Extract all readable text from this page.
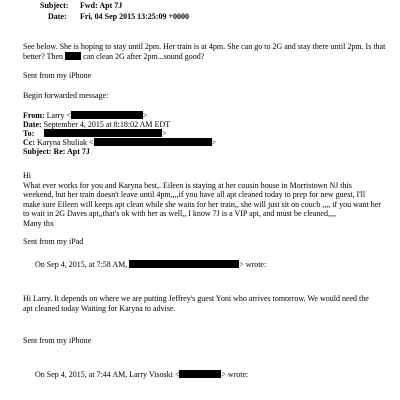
Subject: Fwd: Apt 7J
Date: Fri, 04 Sep 2015 13:25:09 +0000
See below. She is hoping to stay until 2pm. Her train is at 4pm. She can go to 2G and stay there until 2pm. Is that
better? Then	can clean 2G after 2pm...sound good?
Sent from my iPhone
Begin forwarded message:
From: Larry <	>
Date: September 4, 2015 at 8:18:02 AM EDT
To:	>
Cc: Karyna Shuliak <	>
Subject: Re: Apt 7J
Hi
What ever works for you and Karyna best,. Eileen is staying at her cousin house in Morristown NJ this
weekend, but her train doesn't leave until 4pm,,,,if you have all apt cleaned today to prep for new guest, I'll
make sure Eileen will keeps apt clean while she waits for her train,, she will just sit on couch ,,,, if you want her
to wait in 2G Daves apt,,that's ok with her as well,, I know 7J is a VIP apt, and must be cleaned,,,,
Many thx
Sent from my iPad
On Sep 4, 2015, at 7:58 AM,	> wrote:
Hi Larry. It depends on where we are putting Jeffrey's guest Yoni who arrives tomorrow. We would need the
apt cleaned today Waiting for Karyna to advise.
Sent from my iPhone
On Sep 4, 2015, at 7:44 AM, Larry Visoski <	> wrote:
